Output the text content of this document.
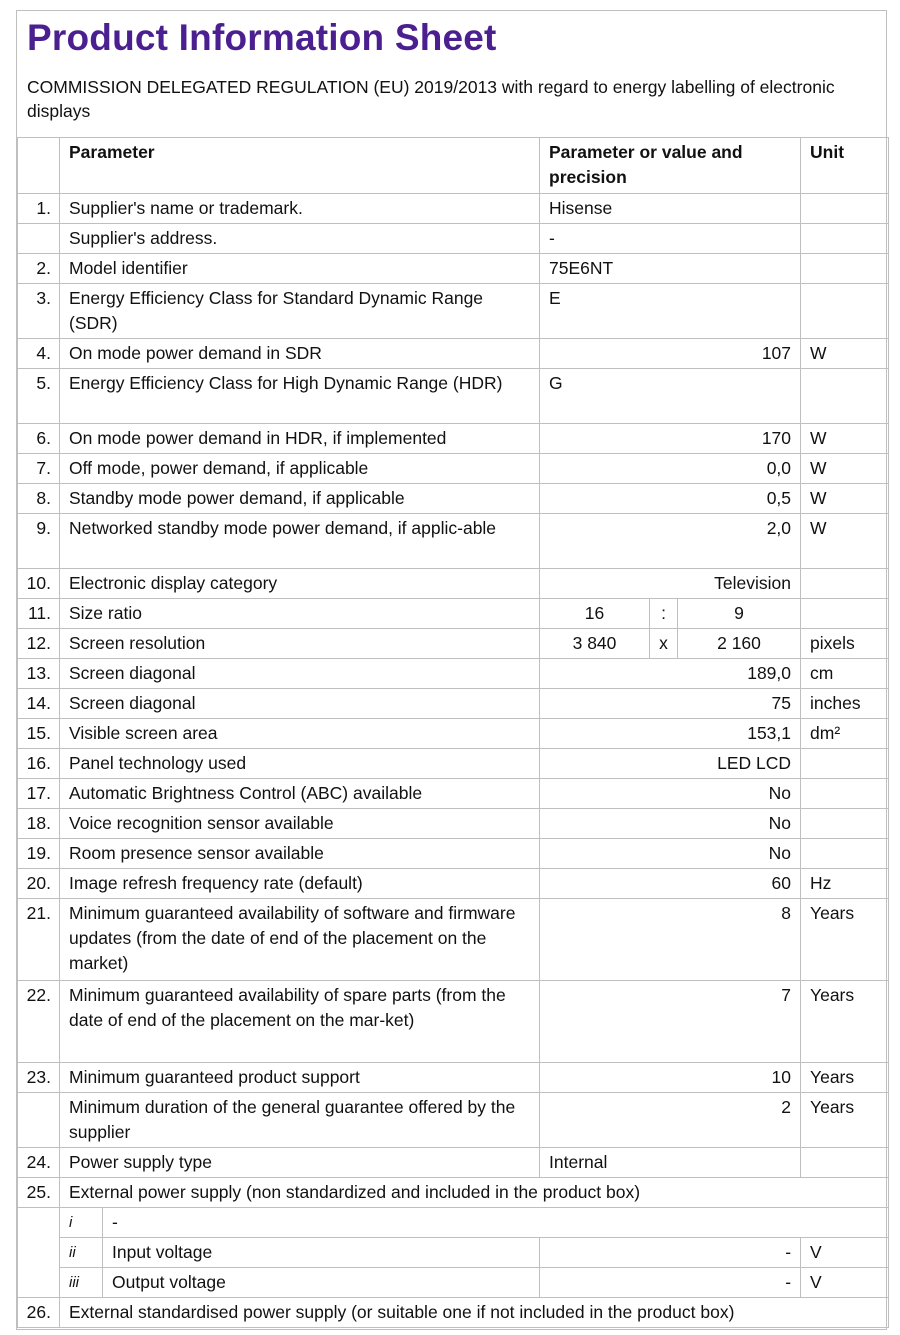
Product Information Sheet
COMMISSION DELEGATED REGULATION (EU) 2019/2013 with regard to energy labelling of electronic displays
	Parameter		Parameter or value and precision			Unit
1.	Supplier's name or trademark.		Hisense			
	Supplier's address.		-			
2.	Model identifier		75E6NT			
3.	Energy Efficiency Class for Standard Dynamic Range (SDR)		E			
4.	On mode power demand in SDR		107			W
5.	Energy Efficiency Class for High Dynamic Range (HDR)		G			
6.	On mode power demand in HDR, if implemented		170			W
7.	Off mode, power demand, if applicable		0,0			W
8.	Standby mode power demand, if applicable		0,5			W
9.	Networked standby mode power demand, if applic-able		2,0			W
10.	Electronic display category		Television			
11.	Size ratio		16	:	9	
12.	Screen resolution		3 840	x	2 160	pixels
13.	Screen diagonal		189,0			cm
14.	Screen diagonal		75			inches
15.	Visible screen area		153,1			dm²
16.	Panel technology used		LED LCD			
17.	Automatic Brightness Control (ABC) available		No			
18.	Voice recognition sensor available		No			
19.	Room presence sensor available		No			
20.	Image refresh frequency rate (default)		60			Hz
21.	Minimum guaranteed availability of software and firmware updates (from the date of end of the placement on the market)		8			Years
22.	Minimum guaranteed availability of spare parts (from the date of end of the placement on the mar-ket)		7			Years
23.	Minimum guaranteed product support		10			Years
	Minimum duration of the general guarantee offered by the supplier		2			Years
24.	Power supply type		Internal			
25.	External power supply (non standardized and included in the product box)					
	i	-				
	ii	Input voltage	-			V
	iii	Output voltage	-			V
26.	External standardised power supply (or suitable one if not included in the product box)					
